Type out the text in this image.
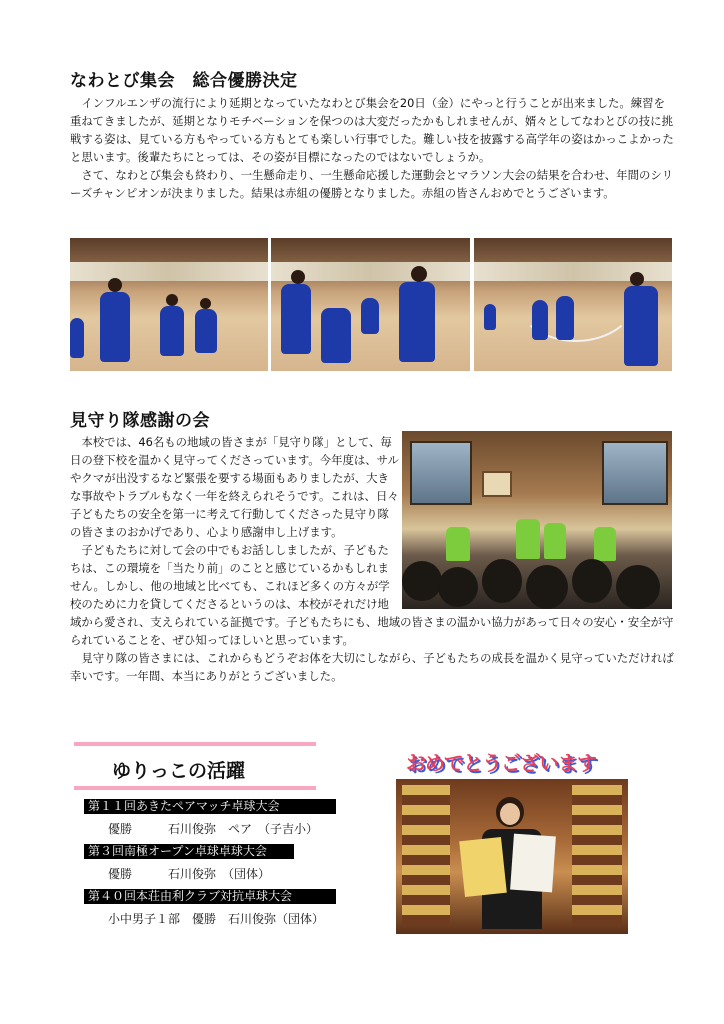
なわとび集会　総合優勝決定

インフルエンザの流行により延期となっていたなわとび集会を20日（金）にやっと行うことが出来ました。練習を重ねてきましたが、延期となりモチベーションを保つのは大変だったかもしれませんが、婿々としてなわとびの技に挑戦する姿は、見ている方もやっている方もとても楽しい行事でした。難しい技を披露する高学年の姿はかっこよかったと思います。後輩たちにとっては、その姿が目標になったのではないでしょうか。

さて、なわとび集会も終わり、一生懸命走り、一生懸命応援した運動会とマラソン大会の結果を合わせ、年間のシリーズチャンピオンが決まりました。結果は赤組の優勝となりました。赤組の皆さんおめでとうございます。

見守り隊感謝の会

本校では、46名もの地域の皆さまが「見守り隊」として、毎日の登下校を温かく見守ってくださっています。今年度は、サルやクマが出没するなど緊張を要する場面もありましたが、大きな事故やトラブルもなく一年を終えられそうです。これは、日々子どもたちの安全を第一に考えて行動してくださった見守り隊の皆さまのおかげであり、心より感謝申し上げます。

子どもたちに対して会の中でもお話ししましたが、子どもたちは、この環境を「当たり前」のことと感じているかもしれません。しかし、他の地域と比べても、これほど多くの方々が学校のために力を貸してくださるというのは、本校がそれだけ地域から愛され、支えられている証拠です。子どもたちにも、地域の皆さまの温かい協力があって日々の安心・安全が守られていることを、ぜひ知ってほしいと思っています。

見守り隊の皆さまには、これからもどうぞお体を大切にしながら、子どもたちの成長を温かく見守っていただければ幸いです。一年間、本当にありがとうございました。

ゆりっこの活躍
第１１回あきたペアマッチ卓球大会
優勝　　　石川俊弥　ペア　（子吉小）
第３回南極オープン卓球卓球大会
優勝　　　石川俊弥　（団体）
第４０回本荘由利クラブ対抗卓球大会
小中男子１部　優勝　石川俊弥（団体）
おめでとうございます
